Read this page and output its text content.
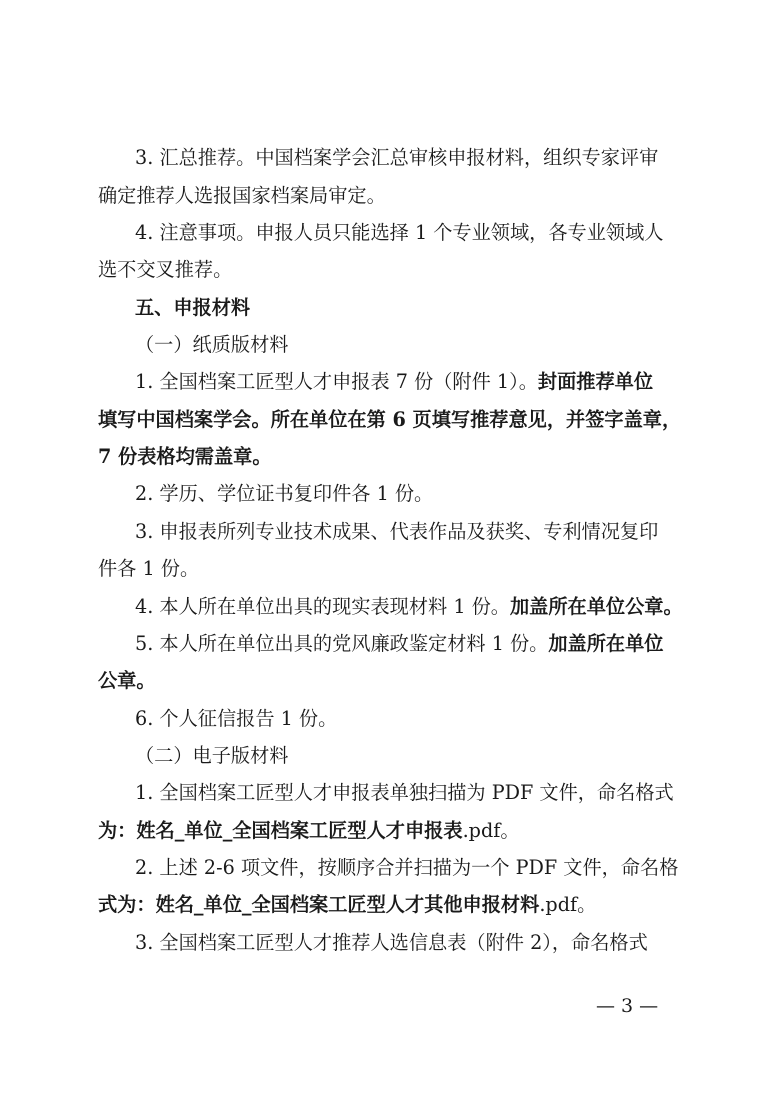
3. 汇总推荐。中国档案学会汇总审核申报材料，组织专家评审
确定推荐人选报国家档案局审定。
4. 注意事项。申报人员只能选择 1 个专业领域，各专业领域人
选不交叉推荐。
五、申报材料
（一）纸质版材料
1. 全国档案工匠型人才申报表 7 份（附件 1）。封面推荐单位
填写中国档案学会。所在单位在第 6 页填写推荐意见，并签字盖章，
7 份表格均需盖章。
2. 学历、学位证书复印件各 1 份。
3. 申报表所列专业技术成果、代表作品及获奖、专利情况复印
件各 1 份。
4. 本人所在单位出具的现实表现材料 1 份。加盖所在单位公章。
5. 本人所在单位出具的党风廉政鉴定材料 1 份。加盖所在单位
公章。
6. 个人征信报告 1 份。
（二）电子版材料
1. 全国档案工匠型人才申报表单独扫描为 PDF 文件，命名格式
为：姓名_单位_全国档案工匠型人才申报表.pdf。
2. 上述 2-6 项文件，按顺序合并扫描为一个 PDF 文件，命名格
式为：姓名_单位_全国档案工匠型人才其他申报材料.pdf。
3. 全国档案工匠型人才推荐人选信息表（附件 2），命名格式
— 3 —
